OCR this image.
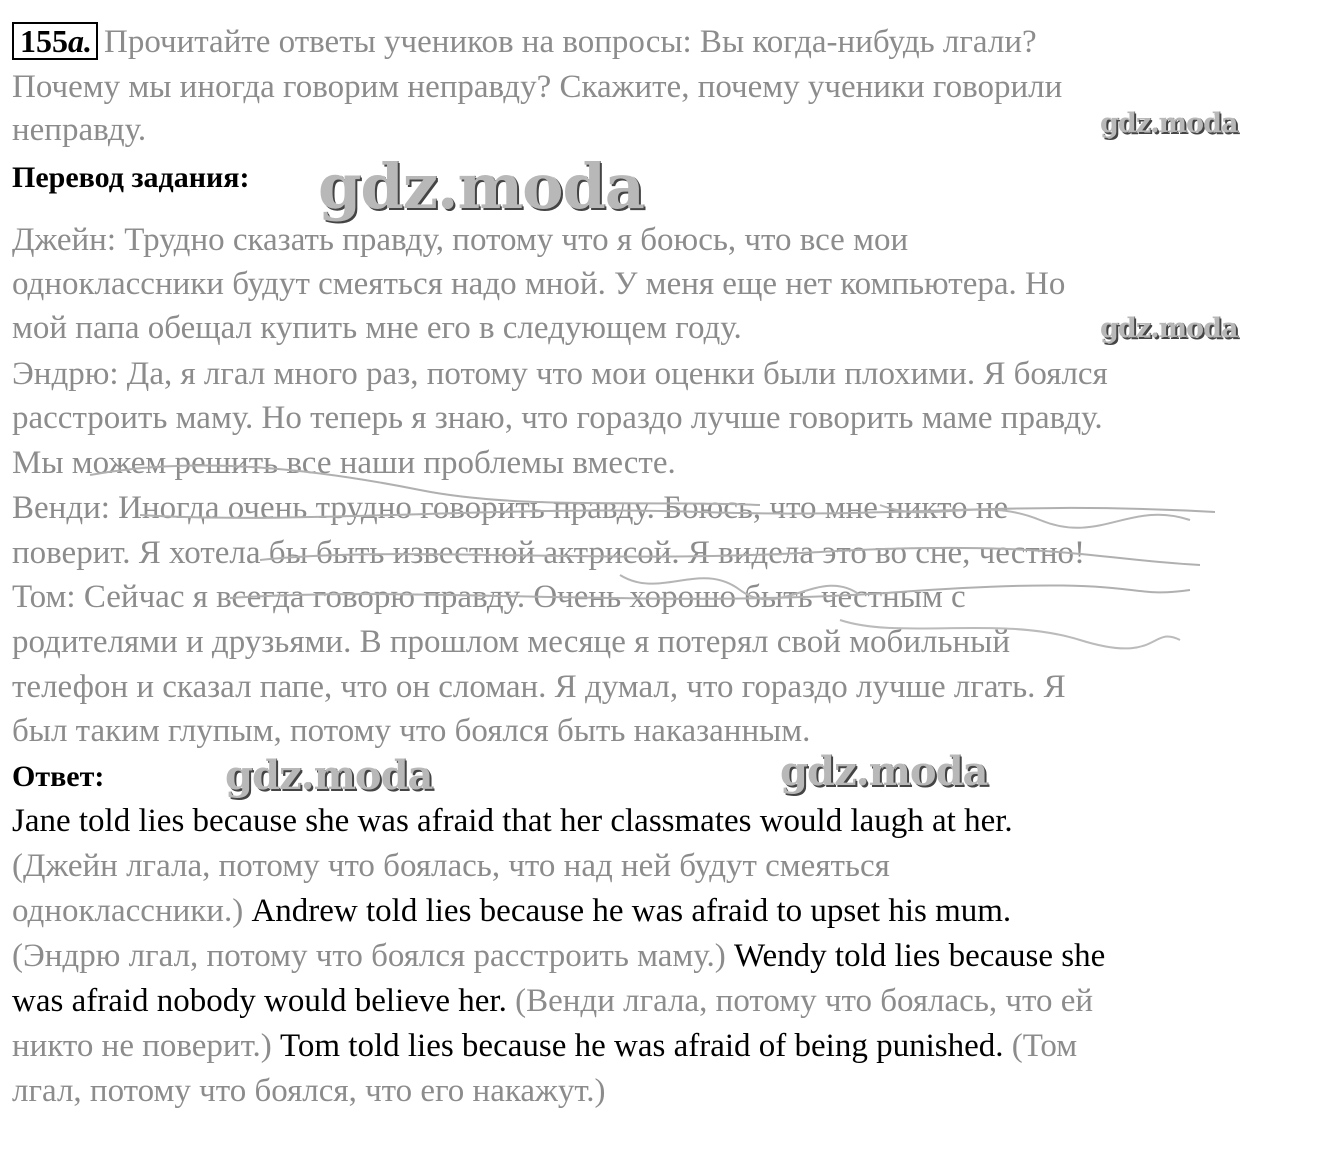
155a. Прочитайте ответы учеников на вопросы: Вы когда-нибудь лгали?
Почему мы иногда говорим неправду? Скажите, почему ученики говорили
неправду.
Перевод задания:
Джейн: Трудно сказать правду, потому что я боюсь, что все мои
одноклассники будут смеяться надо мной. У меня еще нет компьютера. Но
мой папа обещал купить мне его в следующем году.
Эндрю: Да, я лгал много раз, потому что мои оценки были плохими. Я боялся
расстроить маму. Но теперь я знаю, что гораздо лучше говорить маме правду.
Мы можем решить все наши проблемы вместе.
Венди: Иногда очень трудно говорить правду. Боюсь, что мне никто не
поверит. Я хотела бы быть известной актрисой. Я видела это во сне, честно!
Том: Сейчас я всегда говорю правду. Очень хорошо быть честным с
родителями и друзьями. В прошлом месяце я потерял свой мобильный
телефон и сказал папе, что он сломан. Я думал, что гораздо лучше лгать. Я
был таким глупым, потому что боялся быть наказанным.
Ответ:
Jane told lies because she was afraid that her classmates would laugh at her.
(Джейн лгала, потому что боялась, что над ней будут смеяться
одноклассники.) Andrew told lies because he was afraid to upset his mum.
(Эндрю лгал, потому что боялся расстроить маму.) Wendy told lies because she
was afraid nobody would believe her. (Венди лгала, потому что боялась, что ей
никто не поверит.) Tom told lies because he was afraid of being punished. (Том
лгал, потому что боялся, что его накажут.)
gdz.moda
gdz.moda
gdz.moda
gdz.moda	gdz.moda
